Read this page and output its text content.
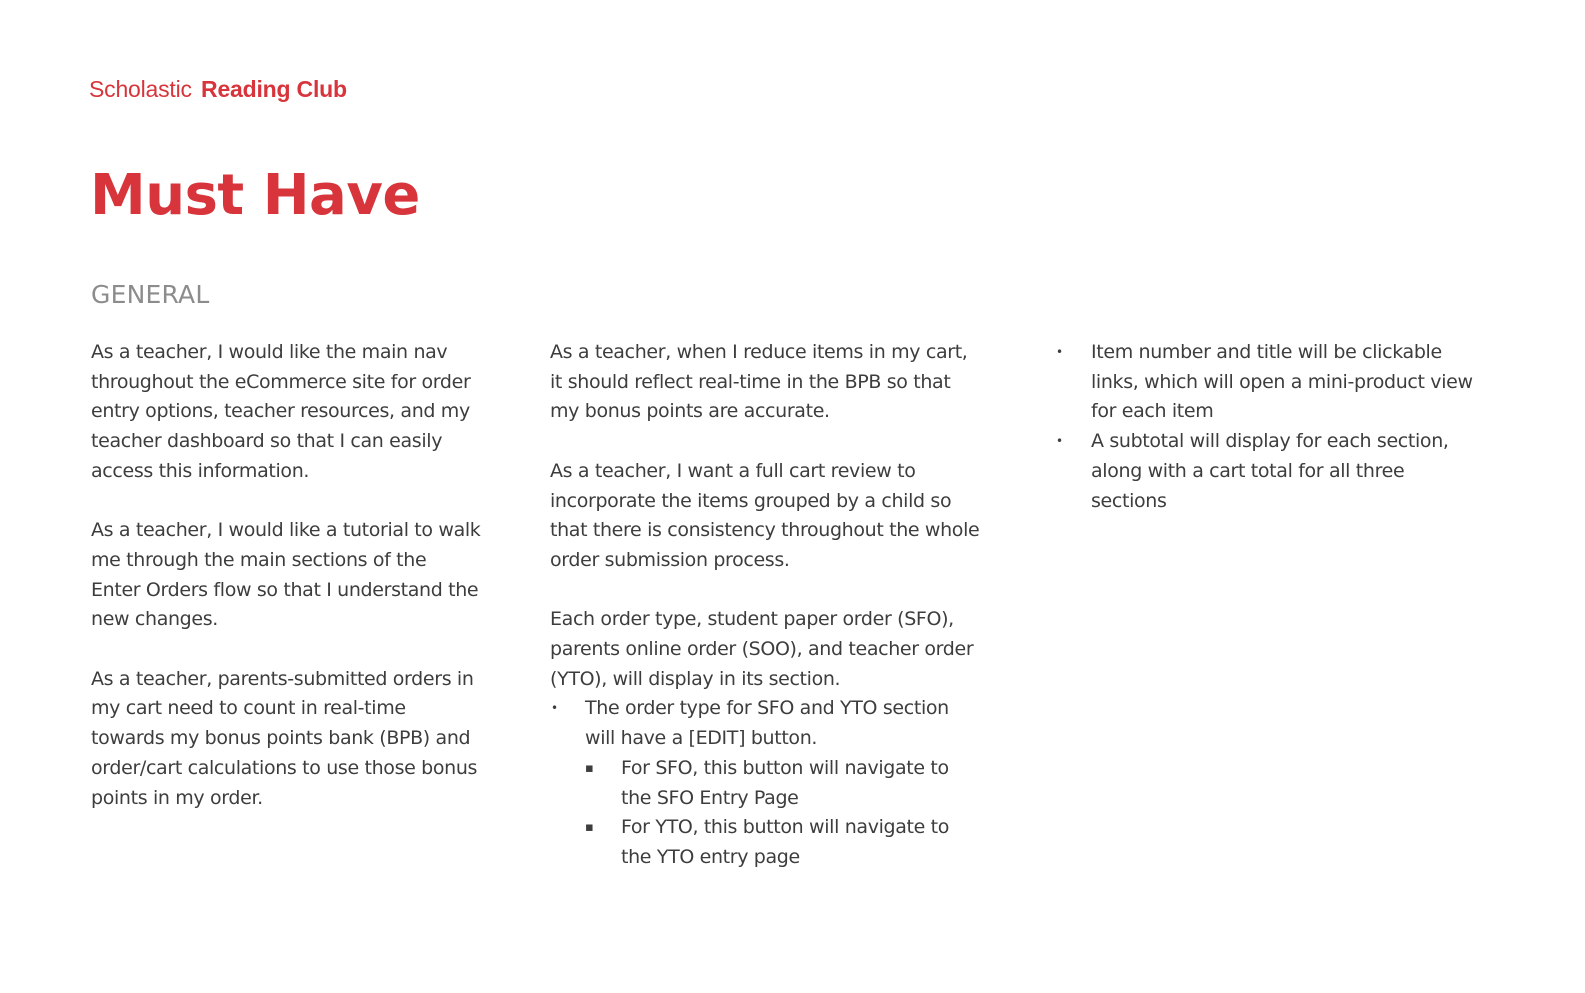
Scholastic Reading Club
Must Have
GENERAL

As a teacher, I would like the main nav throughout the eCommerce site for order entry options, teacher resources, and my teacher dashboard so that I can easily access this information.

As a teacher, I would like a tutorial to walk me through the main sections of the Enter Orders flow so that I understand the new changes.

As a teacher, parents-submitted orders in my cart need to count in real-time towards my bonus points bank (BPB) and order/cart calculations to use those bonus points in my order.

As a teacher, when I reduce items in my cart, it should reflect real-time in the BPB so that my bonus points are accurate.

As a teacher, I want a full cart review to incorporate the items grouped by a child so that there is consistency throughout the whole order submission process.

Each order type, student paper order (SFO), parents online order (SOO), and teacher order (YTO), will display in its section.

• The order type for SFO and YTO section will have a [EDIT] button.
▪ For SFO, this button will navigate to the SFO Entry Page
▪ For YTO, this button will navigate to the YTO entry page
• Item number and title will be clickable links, which will open a mini-product view for each item
• A subtotal will display for each section, along with a cart total for all three sections
